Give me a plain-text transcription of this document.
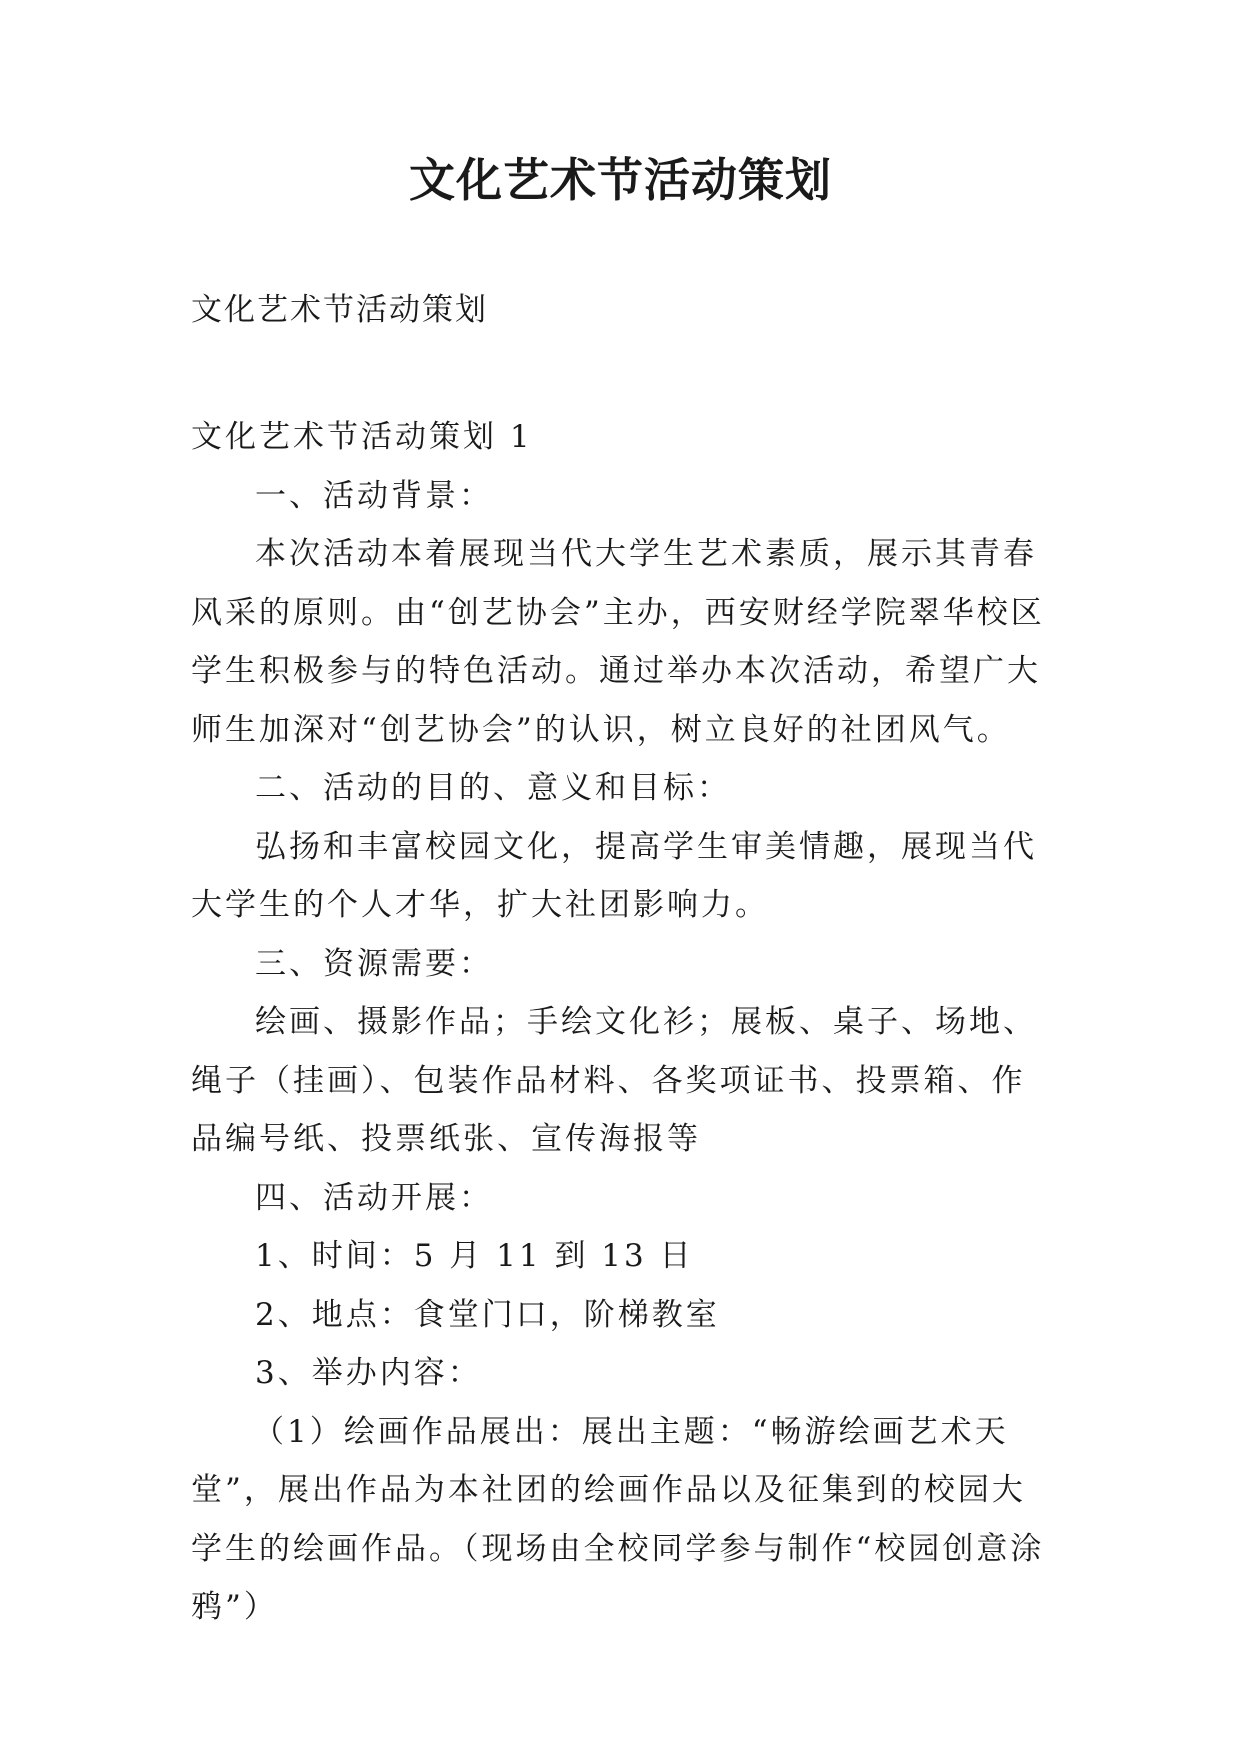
文化艺术节活动策划
文化艺术节活动策划

文化艺术节活动策划 1

一、活动背景：

本次活动本着展现当代大学生艺术素质，展示其青春风采的原则。由“创艺协会”主办，西安财经学院翠华校区学生积极参与的特色活动。通过举办本次活动，希望广大师生加深对“创艺协会”的认识，树立良好的社团风气。

二、活动的目的、意义和目标：

弘扬和丰富校园文化，提高学生审美情趣，展现当代大学生的个人才华，扩大社团影响力。

三、资源需要：

绘画、摄影作品；手绘文化衫；展板、桌子、场地、绳子（挂画）、包装作品材料、各奖项证书、投票箱、作品编号纸、投票纸张、宣传海报等

四、活动开展：

1、时间：5 月 11 到 13 日

2、地点：食堂门口，阶梯教室

3、举办内容：

（1）绘画作品展出：展出主题：“畅游绘画艺术天堂”，展出作品为本社团的绘画作品以及征集到的校园大学生的绘画作品。（现场由全校同学参与制作“校园创意涂鸦”）
